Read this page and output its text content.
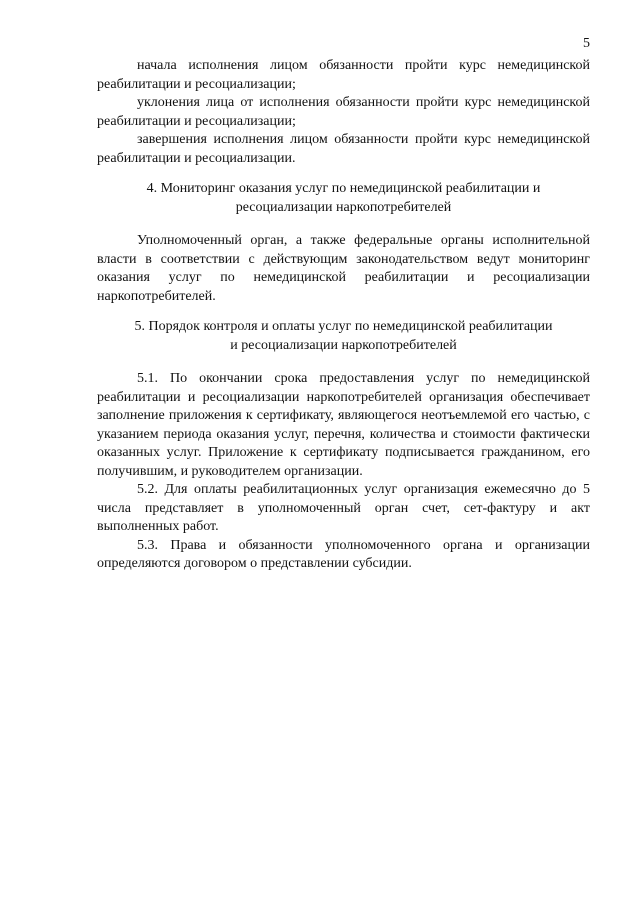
5

начала исполнения лицом обязанности пройти курс немедицинской реабилитации и ресоциализации;

уклонения лица от исполнения обязанности пройти курс немедицинской реабилитации и ресоциализации;

завершения исполнения лицом обязанности пройти курс немедицинской реабилитации и ресоциализации.

4. Мониторинг оказания услуг по немедицинской реабилитации и

ресоциализации наркопотребителей

Уполномоченный орган, а также федеральные органы исполнительной власти в соответствии с действующим законодательством ведут мониторинг оказания услуг по немедицинской реабилитации и ресоциализации наркопотребителей.

5. Порядок контроля и оплаты услуг по немедицинской реабилитации

и ресоциализации наркопотребителей

5.1. По окончании срока предоставления услуг по немедицинской реабилитации и ресоциализации наркопотребителей организация обеспечивает заполнение приложения к сертификату, являющегося неотъемлемой его частью, с указанием периода оказания услуг, перечня, количества и стоимости фактически оказанных услуг. Приложение к сертификату подписывается гражданином, его получившим, и руководителем организации.

5.2. Для оплаты реабилитационных услуг организация ежемесячно до 5 числа представляет в уполномоченный орган счет, сет-фактуру и акт выполненных работ.

5.3. Права и обязанности уполномоченного органа и организации определяются договором о представлении субсидии.
